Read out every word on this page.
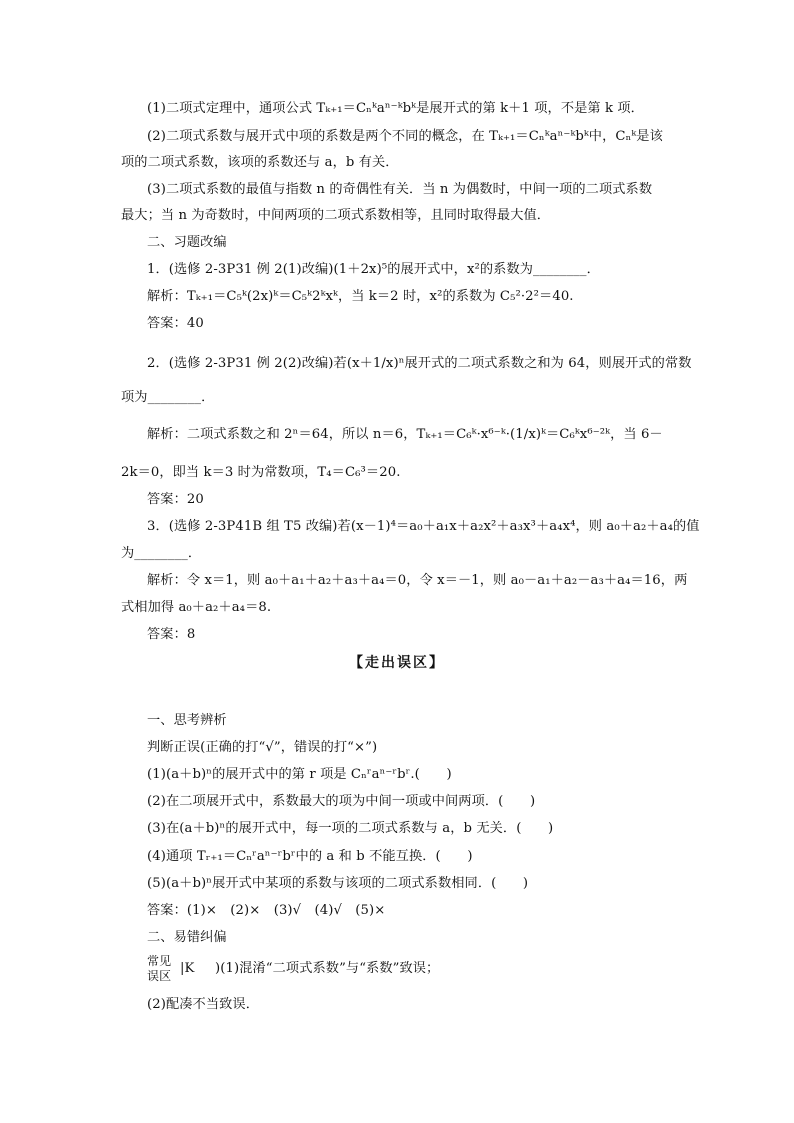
(1)二项式定理中，通项公式 Tₖ₊₁＝Cₙᵏaⁿ⁻ᵏbᵏ是展开式的第 k＋1 项，不是第 k 项．
(2)二项式系数与展开式中项的系数是两个不同的概念，在 Tₖ₊₁＝Cₙᵏaⁿ⁻ᵏbᵏ中，Cₙᵏ是该
项的二项式系数，该项的系数还与 a，b 有关．
(3)二项式系数的最值与指数 n 的奇偶性有关．当 n 为偶数时，中间一项的二项式系数
最大；当 n 为奇数时，中间两项的二项式系数相等，且同时取得最大值．
二、习题改编
1．(选修 2-3P31 例 2(1)改编)(1＋2x)⁵的展开式中，x²的系数为________．
解析：Tₖ₊₁＝C₅ᵏ(2x)ᵏ＝C₅ᵏ2ᵏxᵏ，当 k＝2 时，x²的系数为 C₅²·2²＝40.
答案：40
2．(选修 2-3P31 例 2(2)改编)若(x＋1/x)ⁿ展开式的二项式系数之和为 64，则展开式的常数
项为________．
解析：二项式系数之和 2ⁿ＝64，所以 n＝6，Tₖ₊₁＝C₆ᵏ·x⁶⁻ᵏ·(1/x)ᵏ＝C₆ᵏx⁶⁻²ᵏ，当 6－
2k＝0，即当 k＝3 时为常数项，T₄＝C₆³＝20.
答案：20
3．(选修 2-3P41B 组 T5 改编)若(x－1)⁴＝a₀＋a₁x＋a₂x²＋a₃x³＋a₄x⁴，则 a₀＋a₂＋a₄的值
为________．
解析：令 x＝1，则 a₀＋a₁＋a₂＋a₃＋a₄＝0，令 x＝－1，则 a₀－a₁＋a₂－a₃＋a₄＝16，两
式相加得 a₀＋a₂＋a₄＝8.
答案：8
【走出误区】
一、思考辨析
判断正误(正确的打“√”，错误的打“×”)
(1)(a＋b)ⁿ的展开式中的第 r 项是 Cₙʳaⁿ⁻ʳbʳ.(　　)
(2)在二项展开式中，系数最大的项为中间一项或中间两项．(　　)
(3)在(a＋b)ⁿ的展开式中，每一项的二项式系数与 a，b 无关．(　　)
(4)通项 Tᵣ₊₁＝Cₙʳaⁿ⁻ʳbʳ中的 a 和 b 不能互换．(　　)
(5)(a＋b)ⁿ展开式中某项的系数与该项的二项式系数相同．(　　)
答案：(1)×　(2)×　(3)√　(4)√　(5)×
二、易错纠偏
常见
误区 |K　　
)(1)混淆“二项式系数”与“系数”致误；
(2)配凑不当致误．
